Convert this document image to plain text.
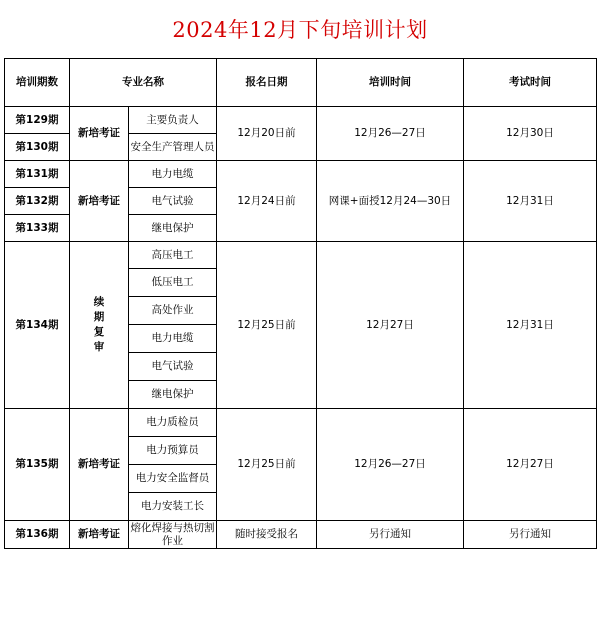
2024年12月下旬培训计划
培训期数	专业名称		报名日期	培训时间	考试时间
第129期	新培考证	主要负责人	12月20日前	12月26—27日	12月30日
第130期		安全生产管理人员			
第131期	新培考证	电力电缆	12月24日前	网课+面授12月24—30日	12月31日
第132期		电气试验			
第133期		继电保护			
第134期	续期复审	高压电工	12月25日前	12月27日	12月31日
		低压电工			
		高处作业			
		电力电缆			
		电气试验			
		继电保护			
第135期	新培考证	电力质检员	12月25日前	12月26—27日	12月27日
		电力预算员			
		电力安全监督员			
		电力安装工长			
第136期	新培考证	熔化焊接与热切割作业	随时接受报名	另行通知	另行通知
